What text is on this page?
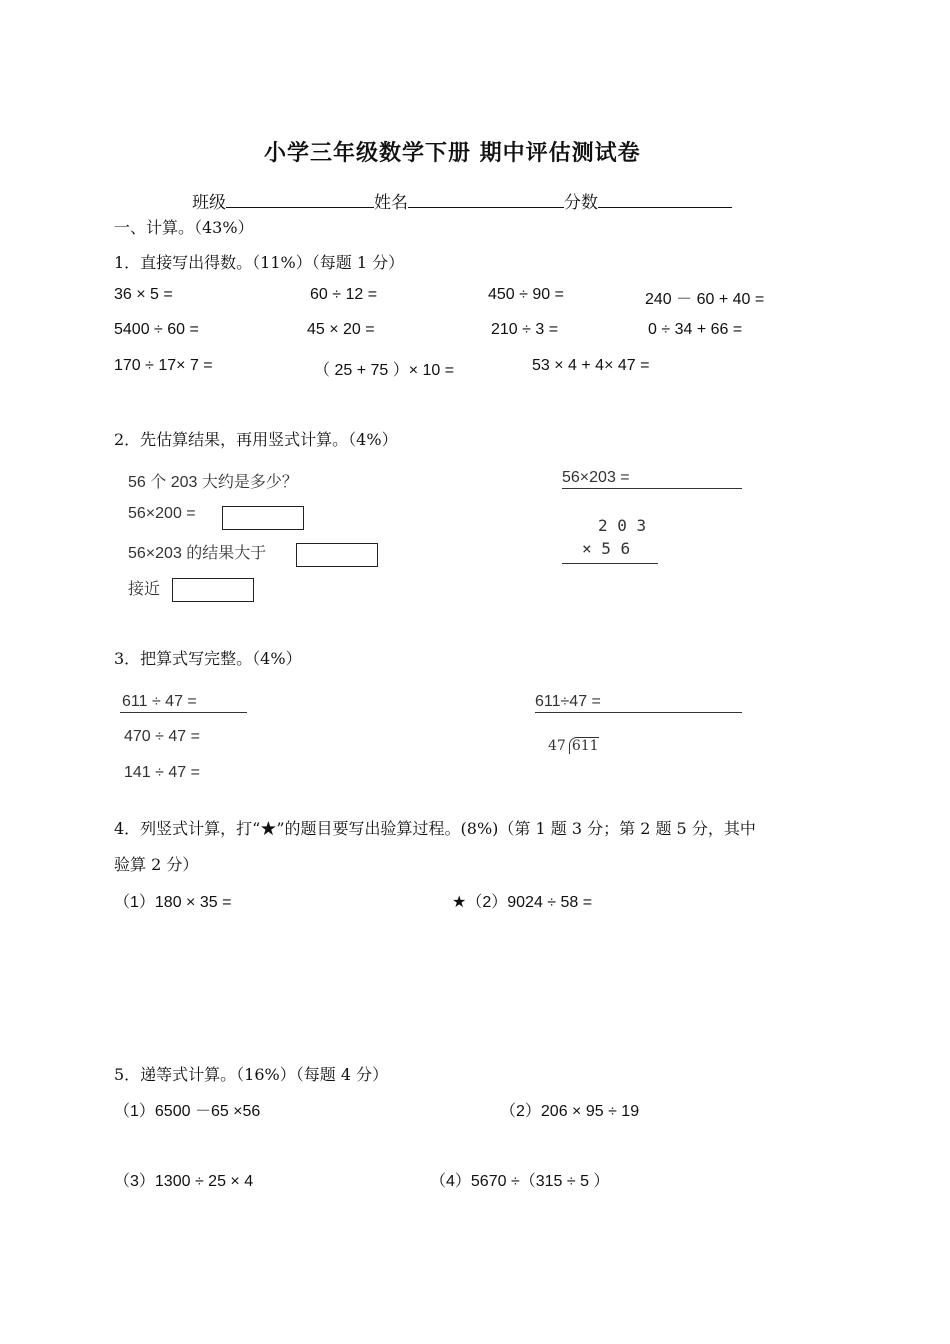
小学三年级数学下册 期中评估测试卷
班级	姓名	分数
一、计算。（43%）
1．直接写出得数。（11%）（每题 1 分）
36 × 5 =	60 ÷ 12 =	450 ÷ 90 =	240 － 60 + 40 =
5400 ÷ 60 =	45 × 20 =	210 ÷ 3 =	0 ÷ 34 + 66 =
170 ÷ 17× 7 =	（ 25 + 75 ）× 10 =	53 × 4 + 4× 47 =
2．先估算结果，再用竖式计算。（4%）
56 个 203 大约是多少？
56×200 =
56×203 的结果大于
接近
56×203 =
2 0 3
× 5 6
3．把算式写完整。（4%）
611 ÷ 47 =
470 ÷ 47 =
141 ÷ 47 =
611÷47 =
47 611
4．列竖式计算，打“★”的题目要写出验算过程。(8%)（第 1 题 3 分；第 2 题 5 分，其中
验算 2 分）
（1）180 × 35 =	★（2）9024 ÷ 58 =
5．递等式计算。（16%）（每题 4 分）
（1）6500 －65 ×56	（2）206 × 95 ÷ 19
（3）1300 ÷ 25 × 4	（4）5670 ÷（315 ÷ 5 ）
